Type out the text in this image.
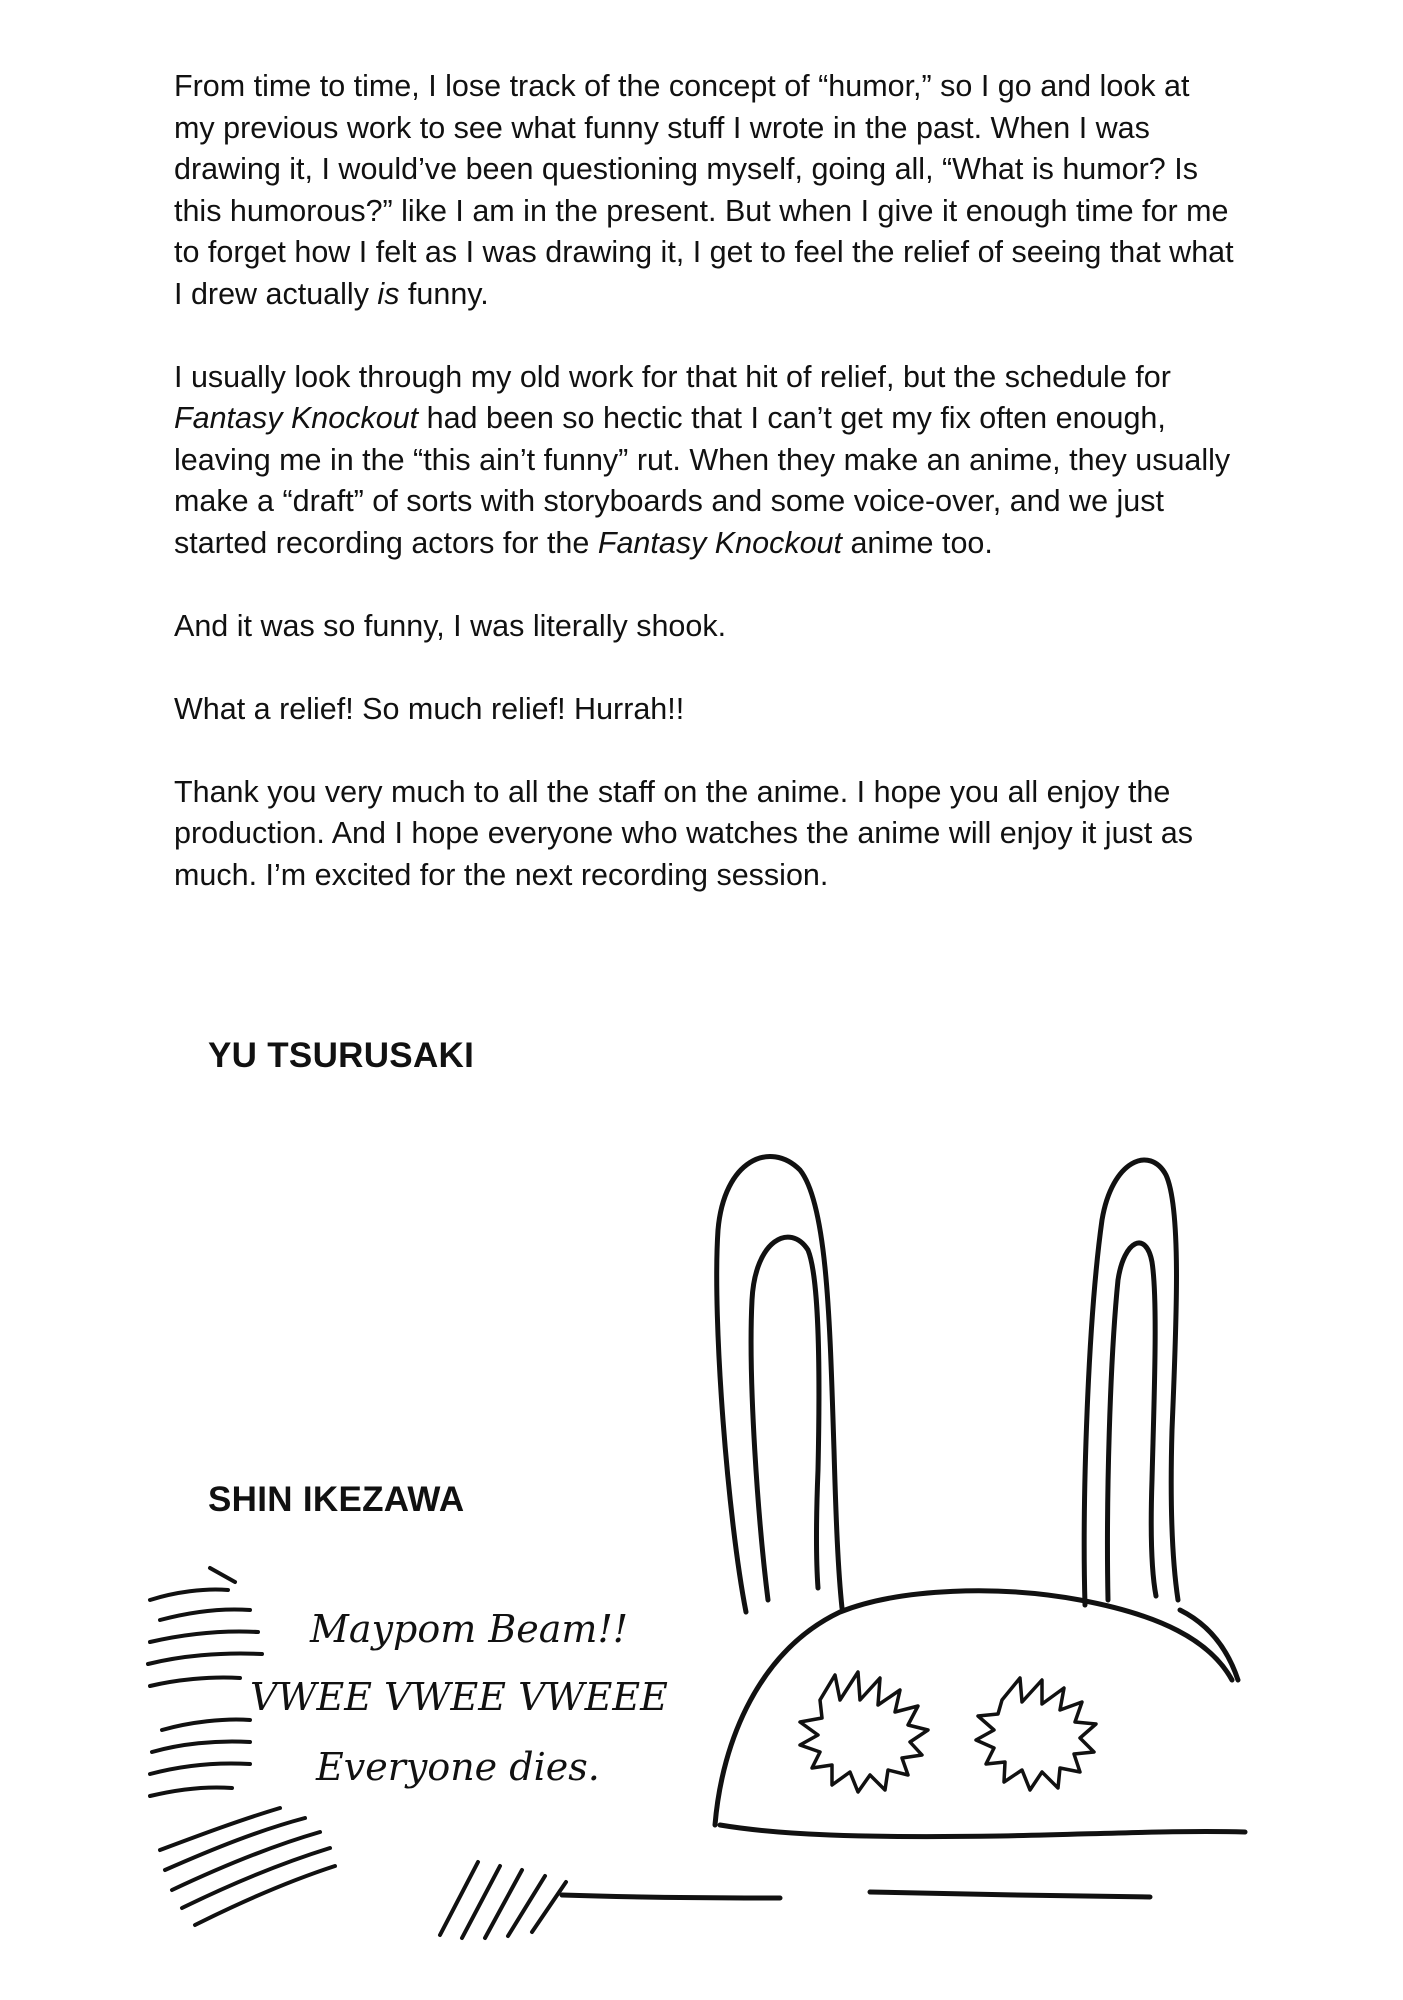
From time to time, I lose track of the concept of “humor,” so I go and look at my previous work to see what funny stuff I wrote in the past. When I was drawing it, I would’ve been questioning myself, going all, “What is humor? Is this humorous?” like I am in the present. But when I give it enough time for me to forget how I felt as I was drawing it, I get to feel the relief of seeing that what I drew actually is funny.

I usually look through my old work for that hit of relief, but the schedule for Fantasy Knockout had been so hectic that I can’t get my fix often enough, leaving me in the “this ain’t funny” rut. When they make an anime, they usually make a “draft” of sorts with storyboards and some voice-over, and we just started recording actors for the Fantasy Knockout anime too.

And it was so funny, I was literally shook.

What a relief! So much relief! Hurrah!!

Thank you very much to all the staff on the anime. I hope you all enjoy the production. And I hope everyone who watches the anime will enjoy it just as much. I’m excited for the next recording session.

YU TSURUSAKI
SHIN IKEZAWA
Maypom Beam!!
VWEE VWEE VWEEE
Everyone dies.
